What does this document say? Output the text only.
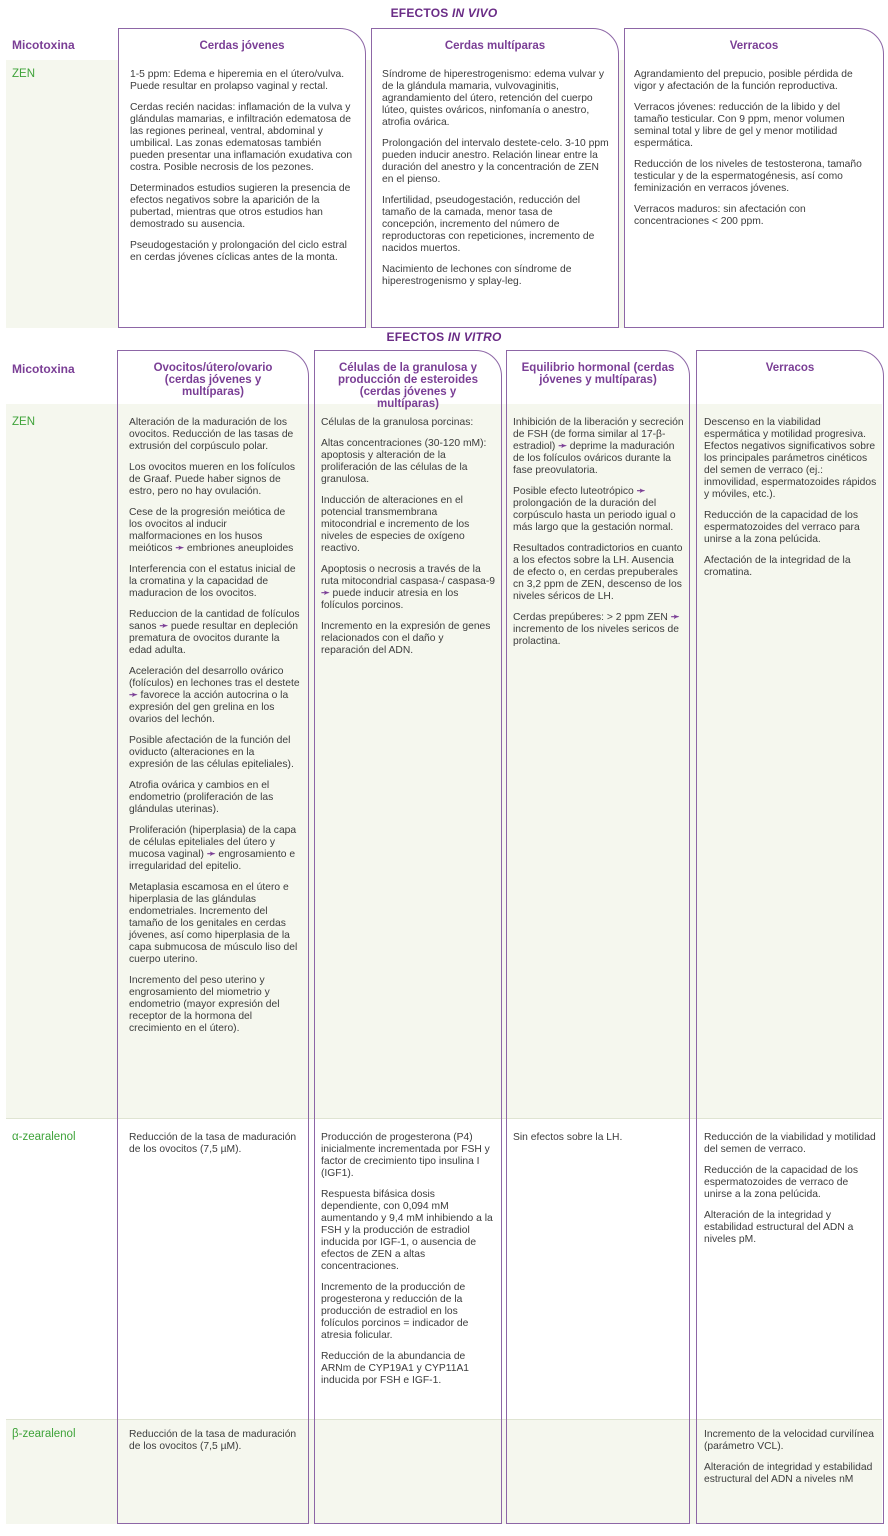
EFECTOS IN VIVO
Micotoxina
ZEN
Cerdas jóvenes

1-5 ppm: Edema e hiperemia en el útero/vulva. Puede resultar en prolapso vaginal y rectal.

Cerdas recién nacidas: inflamación de la vulva y glándulas mamarias, e infiltración edematosa de las regiones perineal, ventral, abdominal y umbilical. Las zonas edematosas también pueden presentar una inflamación exudativa con costra. Posible necrosis de los pezones.

Determinados estudios sugieren la presencia de efectos negativos sobre la aparición de la pubertad, mientras que otros estudios han demostrado su ausencia.

Pseudogestación y prolongación del ciclo estral en cerdas jóvenes cíclicas antes de la monta.

Cerdas multíparas

Síndrome de hiperestrogenismo: edema vulvar y de la glándula mamaria, vulvovaginitis, agrandamiento del útero, retención del cuerpo lúteo, quistes ováricos, ninfomanía o anestro, atrofia ovárica.

Prolongación del intervalo destete-celo. 3-10 ppm pueden inducir anestro. Relación linear entre la duración del anestro y la concentración de ZEN en el pienso.

Infertilidad, pseudogestación, reducción del tamaño de la camada, menor tasa de concepción, incremento del número de reproductoras con repeticiones, incremento de nacidos muertos.

Nacimiento de lechones con síndrome de hiperestrogenismo y splay-leg.

Verracos

Agrandamiento del prepucio, posible pérdida de vigor y afectación de la función reproductiva.

Verracos jóvenes: reducción de la libido y del tamaño testicular. Con 9 ppm, menor volumen seminal total y libre de gel y menor motilidad espermática.

Reducción de los niveles de testosterona, tamaño testicular y de la espermatogénesis, así como feminización en verracos jóvenes.

Verracos maduros: sin afectación con concentraciones < 200 ppm.

EFECTOS IN VITRO
Micotoxina
ZEN
α-zearalenol
β-zearalenol
Ovocitos/útero/ovario (cerdas jóvenes y multíparas)

Alteración de la maduración de los ovocitos. Reducción de las tasas de extrusión del corpúsculo polar.

Los ovocitos mueren en los folículos de Graaf. Puede haber signos de estro, pero no hay ovulación.

Cese de la progresión meiótica de los ovocitos al inducir malformaciones en los husos meióticos ➛ embriones aneuploides

Interferencia con el estatus inicial de la cromatina y la capacidad de maduracion de los ovocitos.

Reduccion de la cantidad de folículos sanos ➛ puede resultar en depleción prematura de ovocitos durante la edad adulta.

Aceleración del desarrollo ovárico (folículos) en lechones tras el destete ➛ favorece la acción autocrina o la expresión del gen grelina en los ovarios del lechón.

Posible afectación de la función del oviducto (alteraciones en la expresión de las células epiteliales).

Atrofia ovárica y cambios en el endometrio (proliferación de las glándulas uterinas).

Proliferación (hiperplasia) de la capa de células epiteliales del útero y mucosa vaginal) ➛ engrosamiento e irregularidad del epitelio.

Metaplasia escamosa en el útero e hiperplasia de las glándulas endometriales. Incremento del tamaño de los genitales en cerdas jóvenes, así como hiperplasia de la capa submucosa de músculo liso del cuerpo uterino.

Incremento del peso uterino y engrosamiento del miometrio y endometrio (mayor expresión del receptor de la hormona del crecimiento en el útero).

Reducción de la tasa de maduración de los ovocitos (7,5 µM).

Reducción de la tasa de maduración de los ovocitos (7,5 µM).

Células de la granulosa y producción de esteroides (cerdas jóvenes y multíparas)

Células de la granulosa porcinas:

Altas concentraciones (30-120 mM): apoptosis y alteración de la proliferación de las células de la granulosa.

Inducción de alteraciones en el potencial transmembrana mitocondrial e incremento de los niveles de especies de oxígeno reactivo.

Apoptosis o necrosis a través de la ruta mitocondrial caspasa-/ caspasa-9 ➛ puede inducir atresia en los folículos porcinos.

Incremento en la expresión de genes relacionados con el daño y reparación del ADN.

Producción de progesterona (P4) inicialmente incrementada por FSH y factor de crecimiento tipo insulina I (IGF1).

Respuesta bifásica dosis dependiente, con 0,094 mM aumentando y 9,4 mM inhibiendo a la FSH y la producción de estradiol inducida por IGF-1, o ausencia de efectos de ZEN a altas concentraciones.

Incremento de la producción de progesterona y reducción de la producción de estradiol en los folículos porcinos = indicador de atresia folicular.

Reducción de la abundancia de ARNm de CYP19A1 y CYP11A1 inducida por FSH e IGF-1.

Equilibrio hormonal (cerdas jóvenes y multíparas)

Inhibición de la liberación y secreción de FSH (de forma similar al 17-β-estradiol) ➛ deprime la maduración de los folículos ováricos durante la fase preovulatoria.

Posible efecto luteotrópico ➛ prolongación de la duración del corpúsculo hasta un periodo igual o más largo que la gestación normal.

Resultados contradictorios en cuanto a los efectos sobre la LH. Ausencia de efecto o, en cerdas prepuberales cn 3,2 ppm de ZEN, descenso de los niveles séricos de LH.

Cerdas prepúberes: > 2 ppm ZEN ➛ incremento de los niveles sericos de prolactina.

Sin efectos sobre la LH.

Verracos

Descenso en la viabilidad espermática y motilidad progresiva. Efectos negativos significativos sobre los principales parámetros cinéticos del semen de verraco (ej.: inmovilidad, espermatozoides rápidos y móviles, etc.).

Reducción de la capacidad de los espermatozoides del verraco para unirse a la zona pelúcida.

Afectación de la integridad de la cromatina.

Reducción de la viabilidad y motilidad del semen de verraco.

Reducción de la capacidad de los espermatozoides de verraco de unirse a la zona pelúcida.

Alteración de la integridad y estabilidad estructural del ADN a niveles pM.

Incremento de la velocidad curvilínea (parámetro VCL).

Alteración de integridad y estabilidad estructural del ADN a niveles nM
